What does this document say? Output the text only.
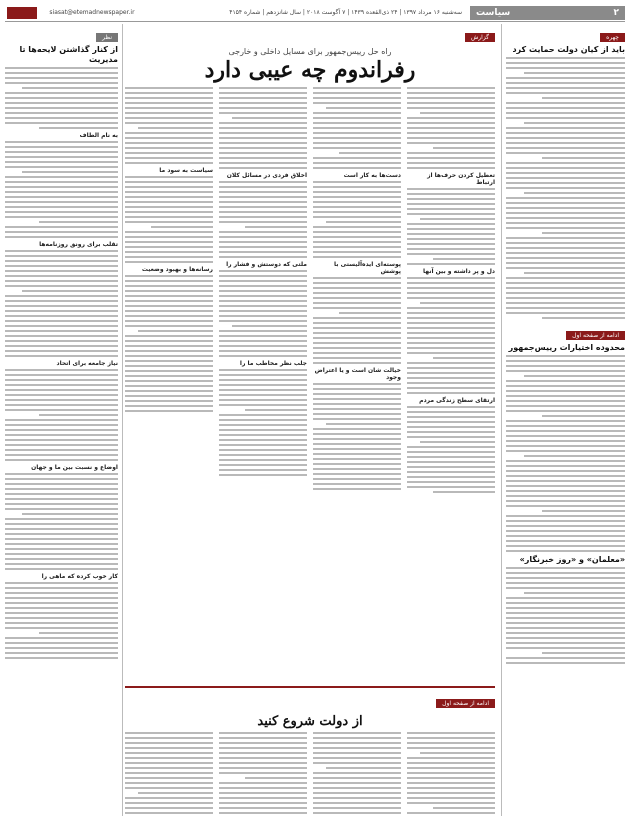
siasat@etemadnewspaper.ir	سه‌شنبه ۱۶ مرداد ۱۳۹۷ | ۲۴ ذی‌القعده ۱۴۳۹ | ۷ آگوست ۲۰۱۸ | سال شانزدهم | شماره ۴۱۵۴	سیاست	۲
چهره
باید از کیان دولت حمایت کرد
ادامه از صفحه اول
محدوده اختیارات رییس‌جمهور
«معلمان» و «روز خبرنگار»
گزارش
راه حل رییس‌جمهور برای مسایل داخلی و خارجی
رفراندوم چه عیبی دارد
تعطیل کردن حرف‌ها از ارتباط
دل و پر داشته و بین آنها
ارتقای سطح زندگی مردم
دست‌ها به کار است
پوسته‌ای ایده‌آلیستی با پوشش
خیالت شان است و یا اعتراض وجود
اخلاق فردی در مسائل کلان
ملتی که دوستش و فشار را
جلب نظر مخاطب ما را
سیاست به سود ما
رسانه‌ها و بهبود وضعیت
ادامه از صفحه اول
از دولت شروع کنید
نظر
از کنار گذاشتن لایحه‌ها تا مدیریت
به نام الطاف
تقلب برای رونق روزنامه‌ها
نیاز جامعه برای اتحاد
اوضاع و نسبت بین ما و جهان
کار خوب کرده که ماهی را
